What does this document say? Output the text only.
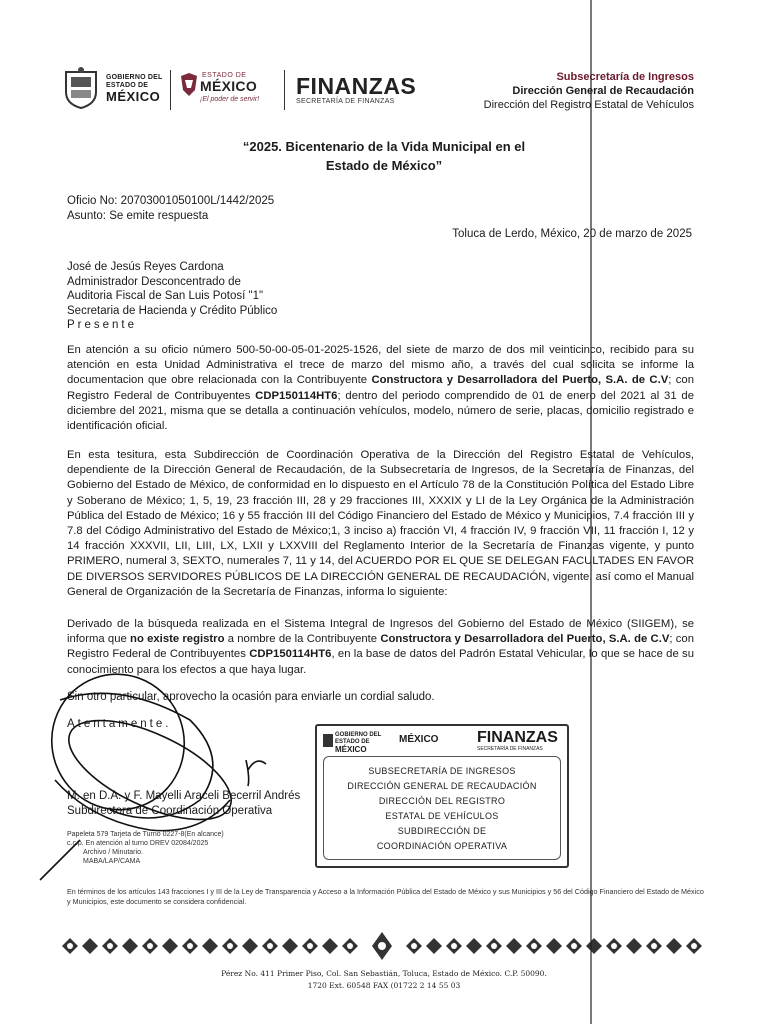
GOBIERNO DEL
ESTADO DE
MÉXICO
ESTADO DE
MÉXICO
¡El poder de servir!
FINANZAS
SECRETARÍA DE FINANZAS
Subsecretaría de Ingresos
Dirección General de Recaudación
Dirección del Registro Estatal de Vehículos
“2025. Bicentenario de la Vida Municipal en el
Estado de México”
Oficio No: 20703001050100L/1442/2025
Asunto: Se emite respuesta
Toluca de Lerdo, México, 20 de marzo de 2025
José de Jesús Reyes Cardona
Administrador Desconcentrado de
Auditoria Fiscal de San Luis Potosí "1"
Secretaria de Hacienda y Crédito Público
Presente
En atención a su oficio número 500-50-00-05-01-2025-1526, del siete de marzo de dos mil veinticinco, recibido para su atención en esta Unidad Administrativa el trece de marzo del mismo año, a través del cual solicita se informe la documentacion que obre relacionada con la Contribuyente Constructora y Desarrolladora del Puerto, S.A. de C.V; con Registro Federal de Contribuyentes CDP150114HT6; dentro del periodo comprendido de 01 de enero del 2021 al 31 de diciembre del 2021, misma que se detalla a continuación vehículos, modelo, número de serie, placas, domicilio registrado e identificación oficial.
En esta tesitura, esta Subdirección de Coordinación Operativa de la Dirección del Registro Estatal de Vehículos, dependiente de la Dirección General de Recaudación, de la Subsecretaría de Ingresos, de la Secretaría de Finanzas, del Gobierno del Estado de México, de conformidad en lo dispuesto en el Artículo 78 de la Constitución Política del Estado Libre y Soberano de México; 1, 5, 19, 23 fracción III, 28 y 29 fracciones III, XXXIX y LI de la Ley Orgánica de la Administración Pública del Estado de México; 16 y 55 fracción III del Código Financiero del Estado de México y Municipios, 7.4 fracción III y 7.8 del Código Administrativo del Estado de México;1, 3 inciso a) fracción VI, 4 fracción IV, 9 fracción VII, 11 fracción I, 12 y 14 fracción XXXVII, LII, LIII, LX, LXII y LXXVIII del Reglamento Interior de la Secretaría de Finanzas vigente, y punto PRIMERO, numeral 3, SEXTO, numerales 7, 11 y 14, del ACUERDO POR EL QUE SE DELEGAN FACULTADES EN FAVOR DE DIVERSOS SERVIDORES PÚBLICOS DE LA DIRECCIÓN GENERAL DE RECAUDACIÓN, vigente, así como el Manual General de Organización de la Secretaría de Finanzas, informa lo siguiente:
Derivado de la búsqueda realizada en el Sistema Integral de Ingresos del Gobierno del Estado de México (SIIGEM), se informa que no existe registro a nombre de la Contribuyente Constructora y Desarrolladora del Puerto, S.A. de C.V; con Registro Federal de Contribuyentes CDP150114HT6, en la base de datos del Padrón Estatal Vehicular, lo que se hace de su conocimiento para los efectos a que haya lugar.
Sin otro particular, aprovecho la ocasión para enviarle un cordial saludo.
Atentamente.
M. en D.A. y F. Mayelli Araceli Becerril Andrés
Subdirectora de Coordinación Operativa
Papeleta 579 Tarjeta de Turno 0227-8(En alcance)
c.c.p. En atención al turno DREV 02084/2025
Archivo / Minutario.
MABA/LAP/CAMA
GOBIERNO DEL
ESTADO DE
MÉXICO
MÉXICO FINANZAS
SECRETARÍA DE FINANZAS
SUBSECRETARÍA DE INGRESOS
DIRECCIÓN GENERAL DE RECAUDACIÓN
DIRECCIÓN DEL REGISTRO
ESTATAL DE VEHÍCULOS
SUBDIRECCIÓN DE
COORDINACIÓN OPERATIVA
En términos de los artículos 143 fracciones I y III de la Ley de Transparencia y Acceso a la Información Pública del Estado de México y sus Municipios y 56 del Código Financiero del Estado de México y Municipios, este documento se considera confidencial.
Pérez No. 411 Primer Piso, Col. San Sebastián, Toluca, Estado de México. C.P. 50090.
1720 Ext. 60548 FAX (01722 2 14 55 03
